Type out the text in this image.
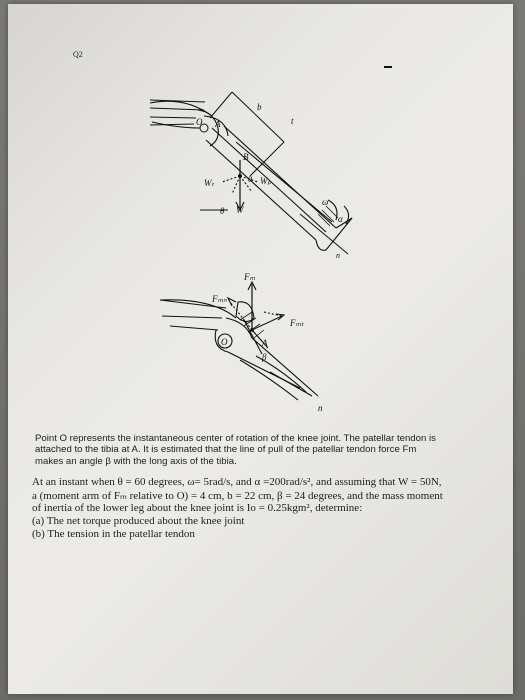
Q2
O A
B
b
t
Wₜ	θ Wₚ
θ W
ω
α
n
Fₘ
Fₘₙ
Fₘₜ
O	A
β
n
Point O represents the instantaneous center of rotation of the knee joint. The patellar tendon is
attached to the tibia at A. It is estimated that the line of pull of the patellar tendon force Fm
makes an angle β with the long axis of the tibia.
At an instant when θ = 60 degrees, ω= 5rad/s, and α =200rad/s², and assuming that W = 50N,
a (moment arm of Fₘ relative to O) = 4 cm, b = 22 cm, β = 24 degrees, and the mass moment
of inertia of the lower leg about the knee joint is Io = 0.25kgm², determine:
(a) The net torque produced about the knee joint
(b) The tension in the patellar tendon
